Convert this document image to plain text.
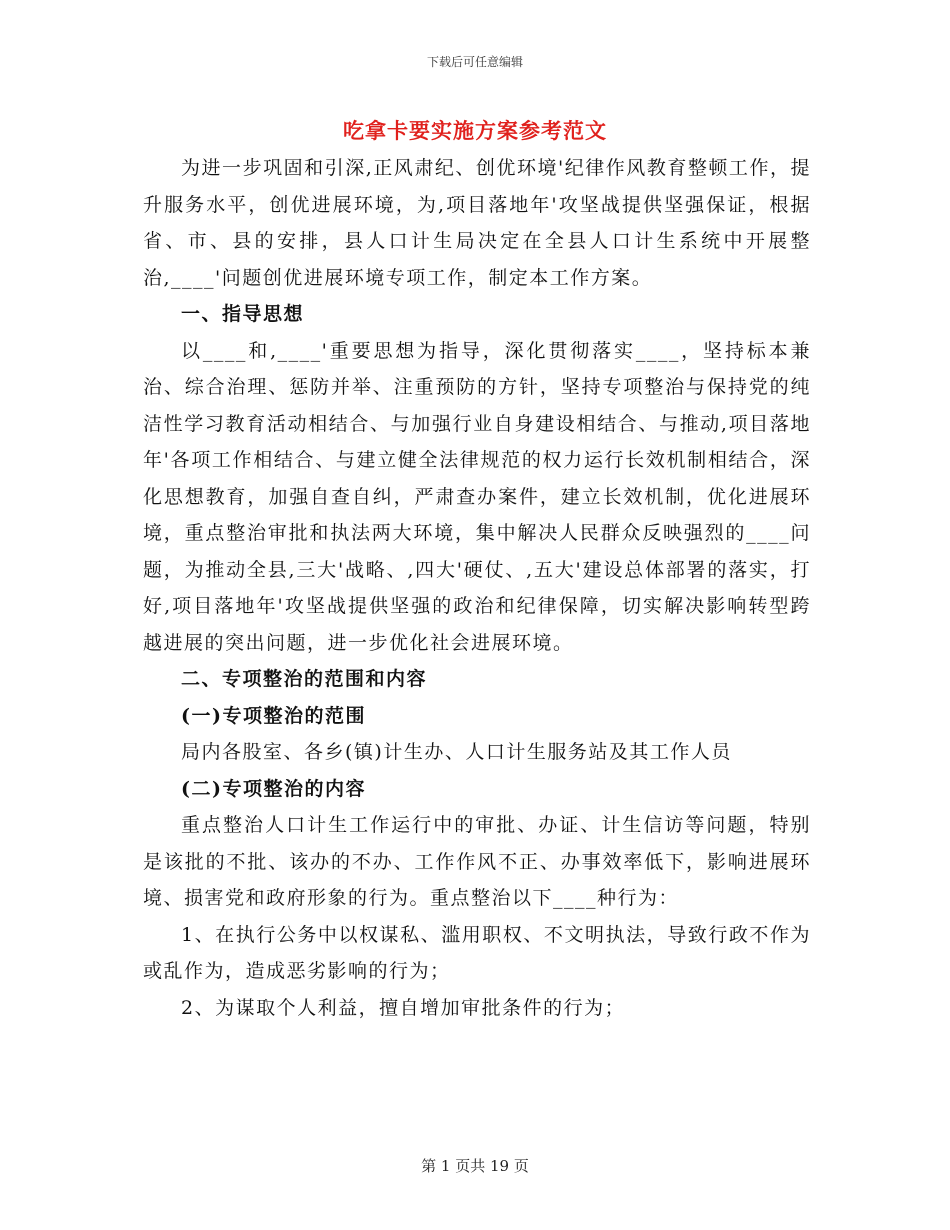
下载后可任意编辑
吃拿卡要实施方案参考范文

为进一步巩固和引深,正风肃纪、创优环境'纪律作风教育整顿工作，提升服务水平，创优进展环境，为,项目落地年'攻坚战提供坚强保证，根据省、市、县的安排，县人口计生局决定在全县人口计生系统中开展整治,____'问题创优进展环境专项工作，制定本工作方案。

一、指导思想

以____和,____'重要思想为指导，深化贯彻落实____，坚持标本兼治、综合治理、惩防并举、注重预防的方针，坚持专项整治与保持党的纯洁性学习教育活动相结合、与加强行业自身建设相结合、与推动,项目落地年'各项工作相结合、与建立健全法律规范的权力运行长效机制相结合，深化思想教育，加强自查自纠，严肃查办案件，建立长效机制，优化进展环境，重点整治审批和执法两大环境，集中解决人民群众反映强烈的____问题，为推动全县,三大'战略、,四大'硬仗、,五大'建设总体部署的落实，打好,项目落地年'攻坚战提供坚强的政治和纪律保障，切实解决影响转型跨越进展的突出问题，进一步优化社会进展环境。

二、专项整治的范围和内容

(一)专项整治的范围

局内各股室、各乡(镇)计生办、人口计生服务站及其工作人员

(二)专项整治的内容

重点整治人口计生工作运行中的审批、办证、计生信访等问题，特别是该批的不批、该办的不办、工作作风不正、办事效率低下，影响进展环境、损害党和政府形象的行为。重点整治以下____种行为：

1、在执行公务中以权谋私、滥用职权、不文明执法，导致行政不作为或乱作为，造成恶劣影响的行为；

2、为谋取个人利益，擅自增加审批条件的行为；

第 1 页共 19 页
